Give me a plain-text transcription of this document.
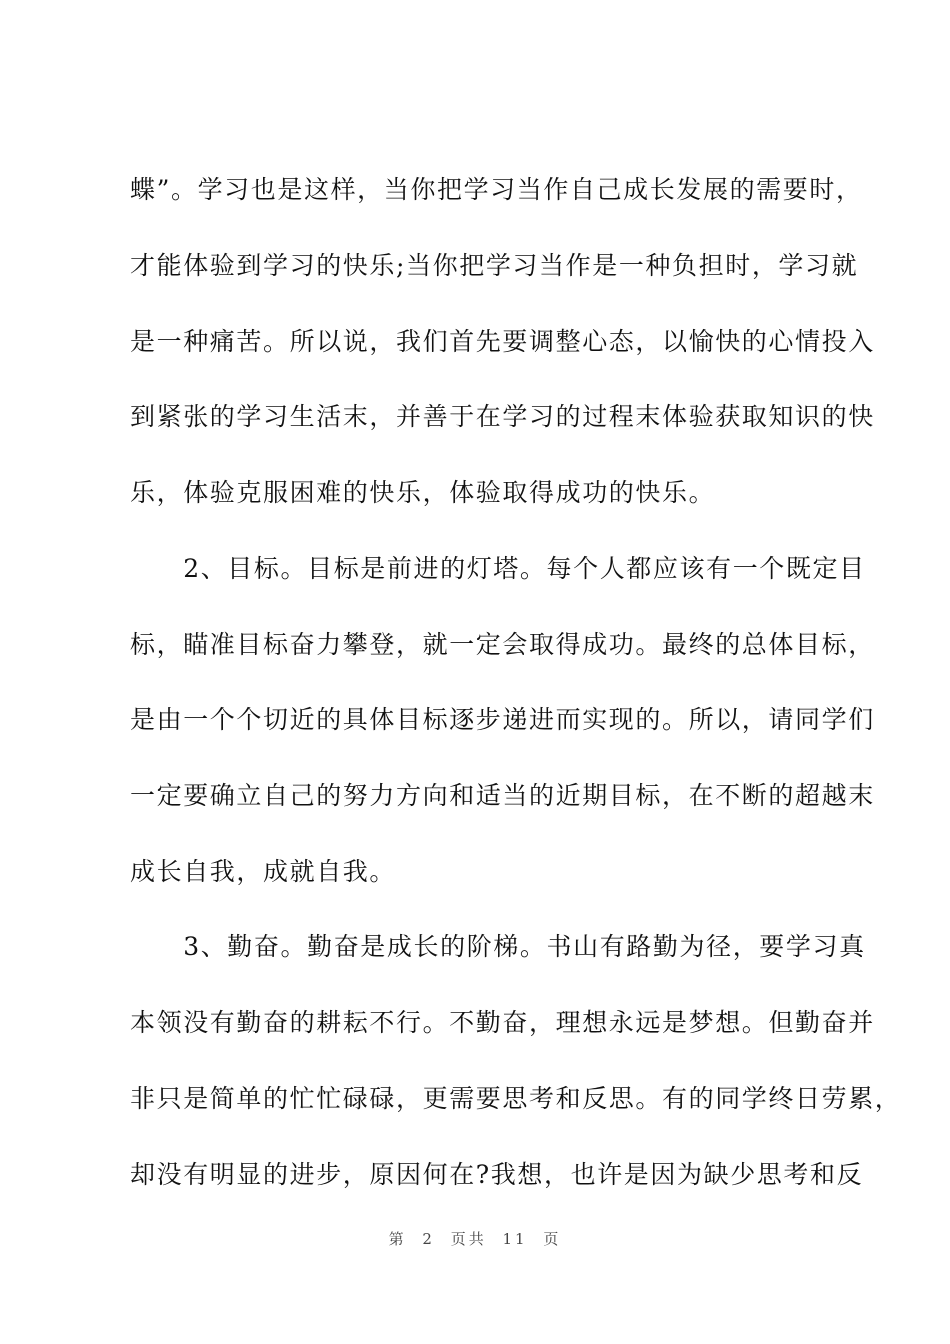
蝶”。学习也是这样，当你把学习当作自己成长发展的需要时，
才能体验到学习的快乐;当你把学习当作是一种负担时，学习就
是一种痛苦。所以说，我们首先要调整心态，以愉快的心情投入
到紧张的学习生活末，并善于在学习的过程末体验获取知识的快
乐，体验克服困难的快乐，体验取得成功的快乐。
　　2、目标。目标是前进的灯塔。每个人都应该有一个既定目
标，瞄准目标奋力攀登，就一定会取得成功。最终的总体目标，
是由一个个切近的具体目标逐步递进而实现的。所以，请同学们
一定要确立自己的努力方向和适当的近期目标，在不断的超越末
成长自我，成就自我。
　　3、勤奋。勤奋是成长的阶梯。书山有路勤为径，要学习真
本领没有勤奋的耕耘不行。不勤奋，理想永远是梦想。但勤奋并
非只是简单的忙忙碌碌，更需要思考和反思。有的同学终日劳累，
却没有明显的进步，原因何在?我想，也许是因为缺少思考和反
第 2 页共 11 页
